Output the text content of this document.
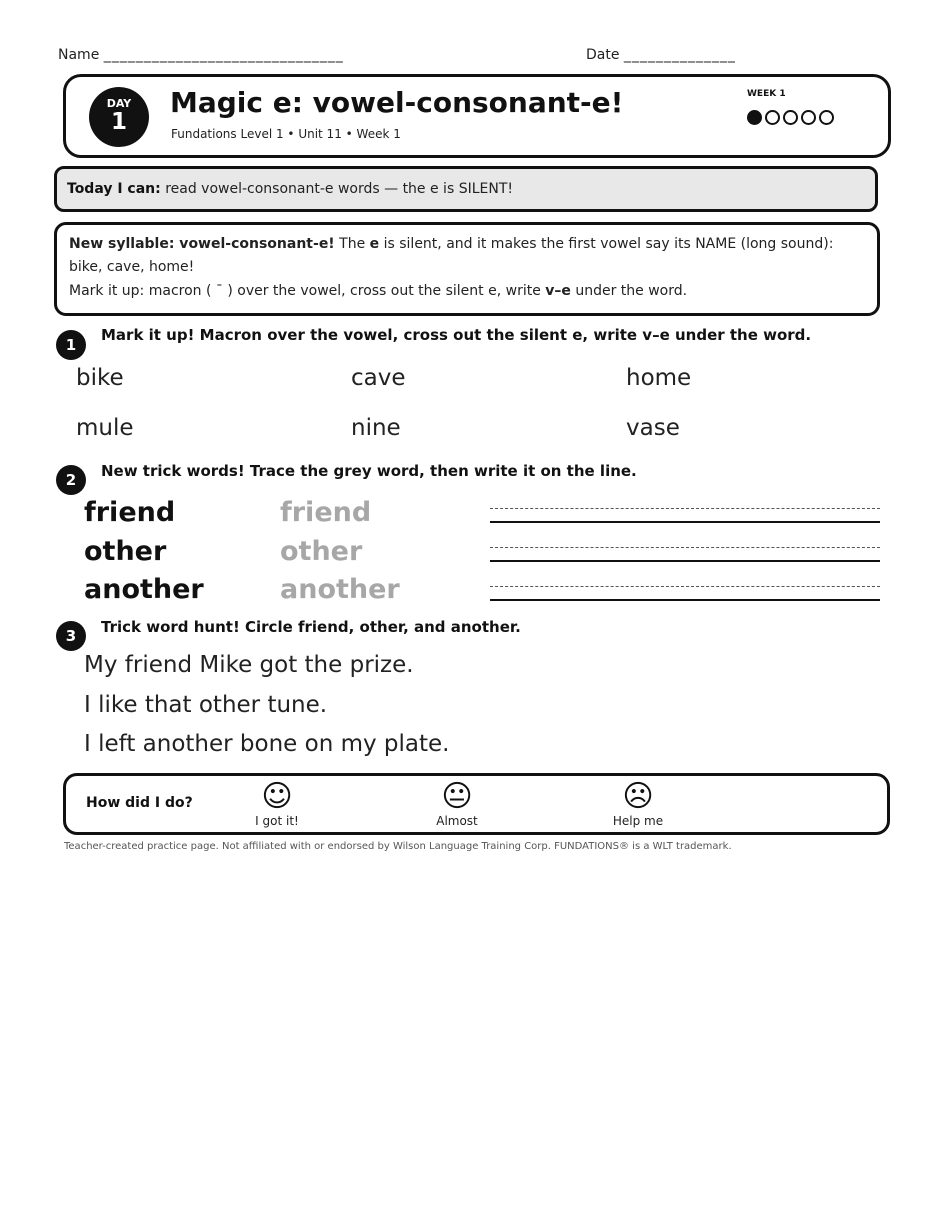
Name ______________________________	Date ______________
DAY
1
Magic e: vowel-consonant-e!
Fundations Level 1 • Unit 11 • Week 1
WEEK 1
Today I can: read vowel-consonant-e words — the e is SILENT!
New syllable: vowel-consonant-e! The e is silent, and it makes the first vowel say its NAME (long sound):
bike, cave, home!
Mark it up: macron ( ¯ ) over the vowel, cross out the silent e, write v–e under the word.
1
Mark it up! Macron over the vowel, cross out the silent e, write v–e under the word.
bike	cave	home
mule	nine	vase
2	New trick words! Trace the grey word, then write it on the line.
friend	friend
other	other
another	another
3	Trick word hunt! Circle friend, other, and another.
My friend Mike got the prize.
I like that other tune.
I left another bone on my plate.
How did I do?	☺
I got it!
😐
Almost
☹
Help me
Teacher-created practice page. Not affiliated with or endorsed by Wilson Language Training Corp. FUNDATIONS® is a WLT trademark.
